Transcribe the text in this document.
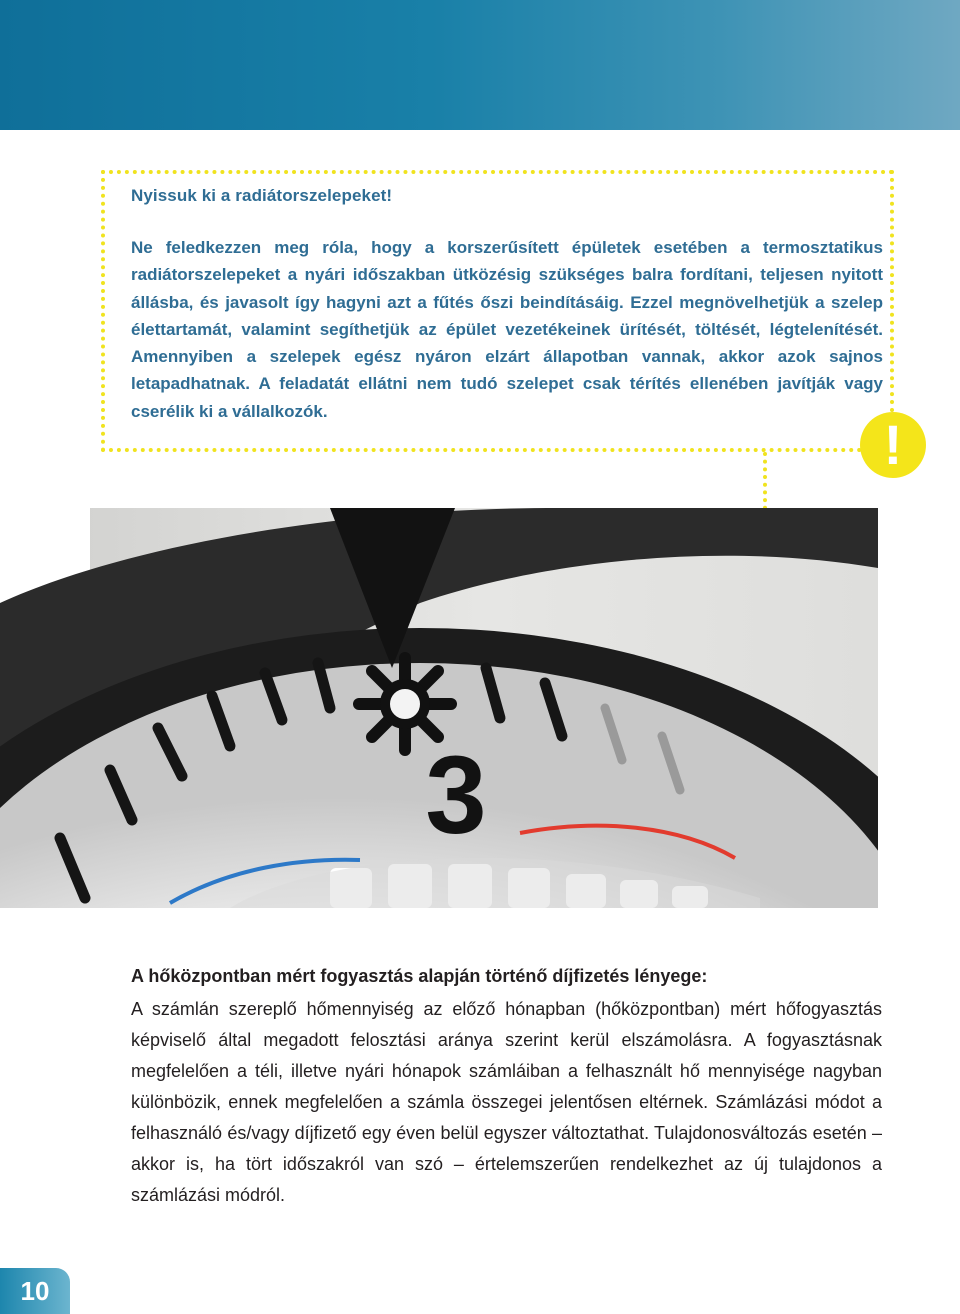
Nyissuk ki a radiátorszelepeket!

Ne feledkezzen meg róla, hogy a korszerűsített épületek esetében a termosztatikus radiátorszelepeket a nyári időszakban ütközésig szükséges balra fordítani, teljesen nyitott állásba, és javasolt így hagyni azt a fűtés őszi beindításáig. Ezzel megnövelhetjük a szelep élettartamát, valamint segíthetjük az épület vezetékeinek ürítését, töltését, légtelenítését. Amennyiben a szelepek egész nyáron elzárt állapotban vannak, akkor azok sajnos letapadhatnak. A feladatát ellátni nem tudó szelepet csak térítés ellenében javítják vagy cserélik ki a vállalkozók.

!
3
A hőközpontban mért fogyasztás alapján történő díjfizetés lényege:

A számlán szereplő hőmennyiség az előző hónapban (hőközpontban) mért hőfogyasztás képviselő által megadott felosztási aránya szerint kerül elszámolásra. A fogyasztásnak megfelelően a téli, illetve nyári hónapok számláiban a felhasznált hő mennyisége nagyban különbözik, ennek megfelelően a számla összegei jelentősen eltérnek. Számlázási módot a felhasználó és/vagy díjfizető egy éven belül egyszer változtathat. Tulajdonosváltozás esetén – akkor is, ha tört időszakról van szó – értelemszerűen rendelkezhet az új tulajdonos a számlázási módról.

10
